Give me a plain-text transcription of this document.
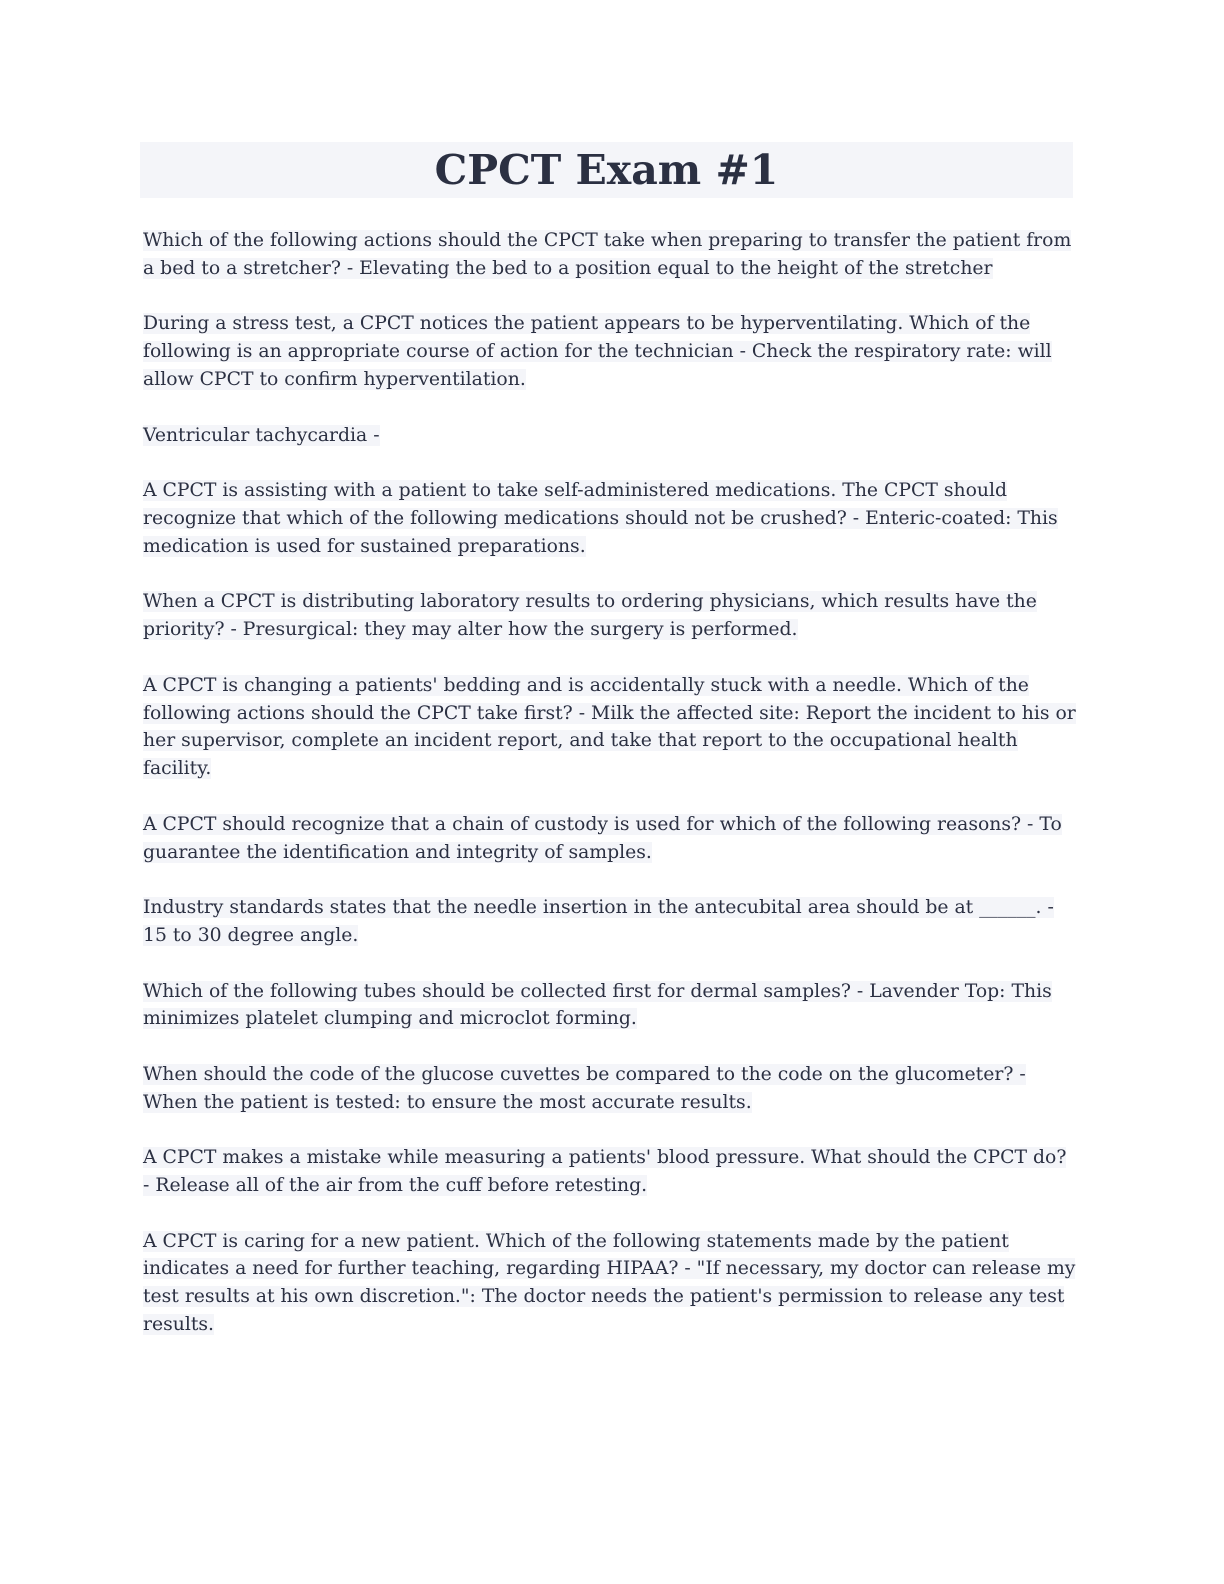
CPCT Exam #1

Which of the following actions should the CPCT take when preparing to transfer the patient from a bed to a stretcher? - Elevating the bed to a position equal to the height of the stretcher

During a stress test, a CPCT notices the patient appears to be hyperventilating. Which of the following is an appropriate course of action for the technician - Check the respiratory rate: will allow CPCT to confirm hyperventilation.

Ventricular tachycardia -

A CPCT is assisting with a patient to take self-administered medications. The CPCT should recognize that which of the following medications should not be crushed? - Enteric-coated: This medication is used for sustained preparations.

When a CPCT is distributing laboratory results to ordering physicians, which results have the priority? - Presurgical: they may alter how the surgery is performed.

A CPCT is changing a patients' bedding and is accidentally stuck with a needle. Which of the following actions should the CPCT take first? - Milk the affected site: Report the incident to his or her supervisor, complete an incident report, and take that report to the occupational health facility.

A CPCT should recognize that a chain of custody is used for which of the following reasons? - To guarantee the identification and integrity of samples.

Industry standards states that the needle insertion in the antecubital area should be at ______. - 15 to 30 degree angle.

Which of the following tubes should be collected first for dermal samples? - Lavender Top: This minimizes platelet clumping and microclot forming.

When should the code of the glucose cuvettes be compared to the code on the glucometer? - When the patient is tested: to ensure the most accurate results.

A CPCT makes a mistake while measuring a patients' blood pressure. What should the CPCT do? - Release all of the air from the cuff before retesting.

A CPCT is caring for a new patient. Which of the following statements made by the patient indicates a need for further teaching, regarding HIPAA? - "If necessary, my doctor can release my test results at his own discretion.": The doctor needs the patient's permission to release any test results.
